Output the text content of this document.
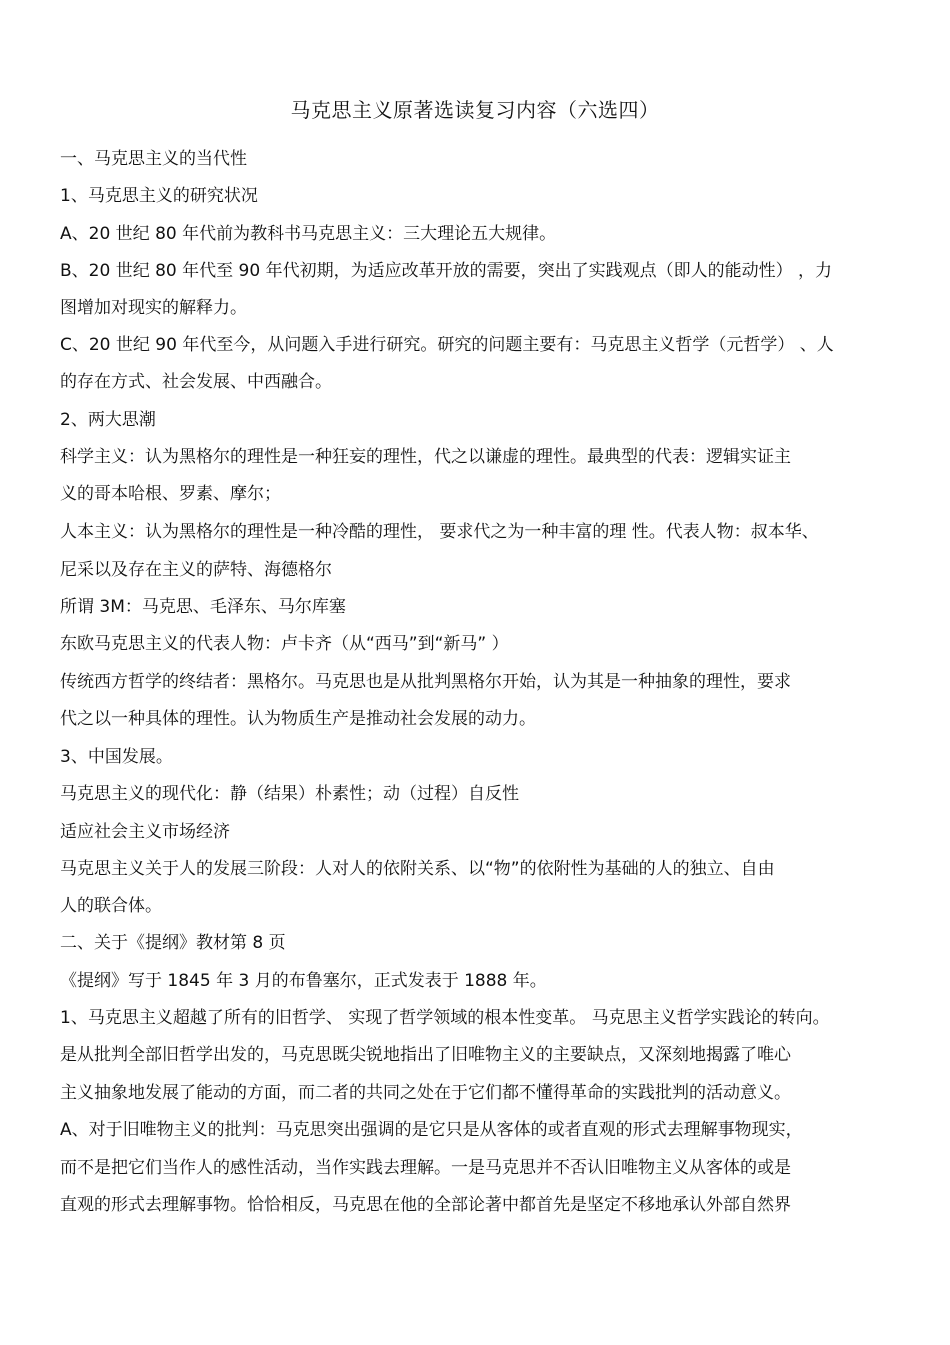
马克思主义原著选读复习内容（六选四）
一、马克思主义的当代性
1、马克思主义的研究状况
A、20 世纪 80 年代前为教科书马克思主义：三大理论五大规律。
B、20 世纪 80 年代至 90 年代初期，为适应改革开放的需要，突出了实践观点（即人的能动性） ，力
图增加对现实的解释力。
C、20 世纪 90 年代至今，从问题入手进行研究。研究的问题主要有：马克思主义哲学（元哲学） 、人
的存在方式、社会发展、中西融合。
2、两大思潮
科学主义：认为黑格尔的理性是一种狂妄的理性，代之以谦虚的理性。最典型的代表：逻辑实证主
义的哥本哈根、罗素、摩尔；
人本主义：认为黑格尔的理性是一种冷酷的理性， 要求代之为一种丰富的理 性。代表人物：叔本华、
尼采以及存在主义的萨特、海德格尔
所谓 3M：马克思、毛泽东、马尔库塞
东欧马克思主义的代表人物：卢卡齐（从“西马”到“新马” ）
传统西方哲学的终结者：黑格尔。马克思也是从批判黑格尔开始，认为其是一种抽象的理性，要求
代之以一种具体的理性。认为物质生产是推动社会发展的动力。
3、中国发展。
马克思主义的现代化：静（结果）朴素性；动（过程）自反性
适应社会主义市场经济
马克思主义关于人的发展三阶段：人对人的依附关系、以“物”的依附性为基础的人的独立、自由
人的联合体。
二、关于《提纲》教材第 8 页
《提纲》写于 1845 年 3 月的布鲁塞尔，正式发表于 1888 年。
1、马克思主义超越了所有的旧哲学、 实现了哲学领域的根本性变革。 马克思主义哲学实践论的转向。
是从批判全部旧哲学出发的，马克思既尖锐地指出了旧唯物主义的主要缺点，又深刻地揭露了唯心
主义抽象地发展了能动的方面，而二者的共同之处在于它们都不懂得革命的实践批判的活动意义。
A、对于旧唯物主义的批判：马克思突出强调的是它只是从客体的或者直观的形式去理解事物现实，
而不是把它们当作人的感性活动，当作实践去理解。一是马克思并不否认旧唯物主义从客体的或是
直观的形式去理解事物。恰恰相反，马克思在他的全部论著中都首先是坚定不移地承认外部自然界
